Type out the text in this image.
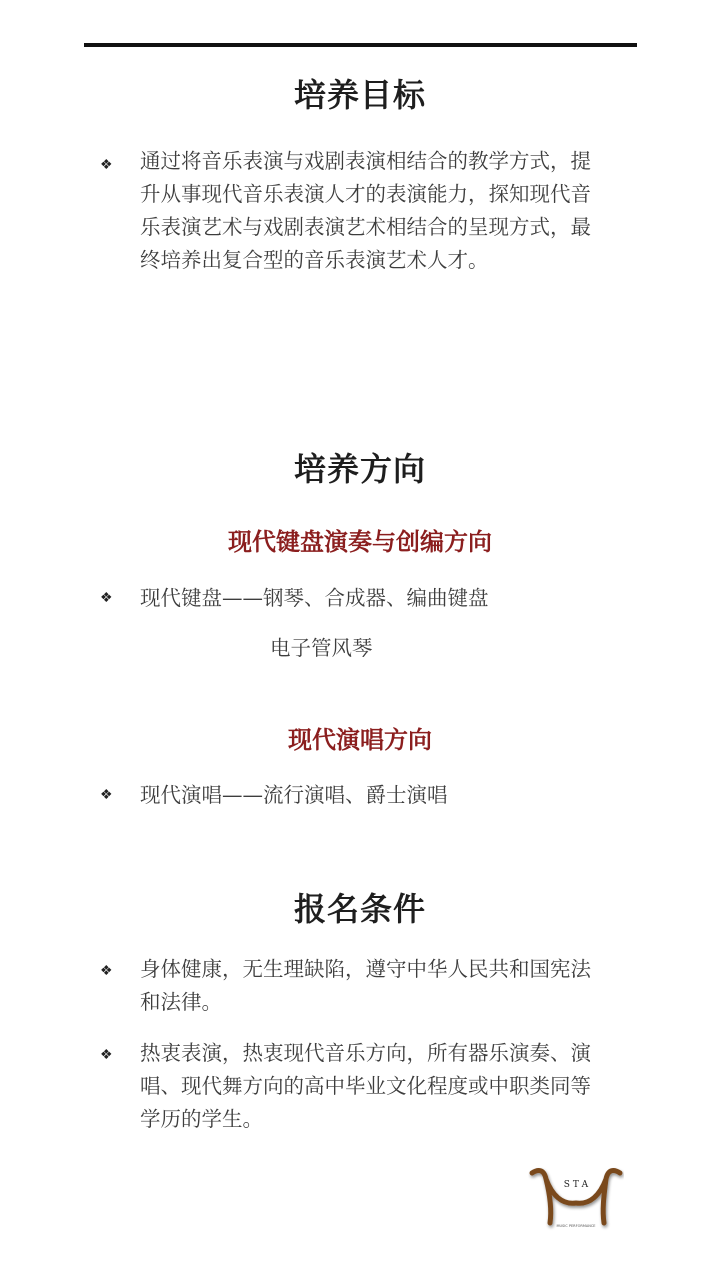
培养目标
❖	通过将音乐表演与戏剧表演相结合的教学方式，提
升从事现代音乐表演人才的表演能力，探知现代音
乐表演艺术与戏剧表演艺术相结合的呈现方式，最
终培养出复合型的音乐表演艺术人才。
培养方向
现代键盘演奏与创编方向
❖	现代键盘——钢琴、合成器、编曲键盘
电子管风琴
现代演唱方向
❖	现代演唱——流行演唱、爵士演唱
报名条件
❖	身体健康，无生理缺陷，遵守中华人民共和国宪法
和法律。
❖	热衷表演，热衷现代音乐方向，所有器乐演奏、演
唱、现代舞方向的高中毕业文化程度或中职类同等
学历的学生。
S T A
MUSIC PERFORMANCE
